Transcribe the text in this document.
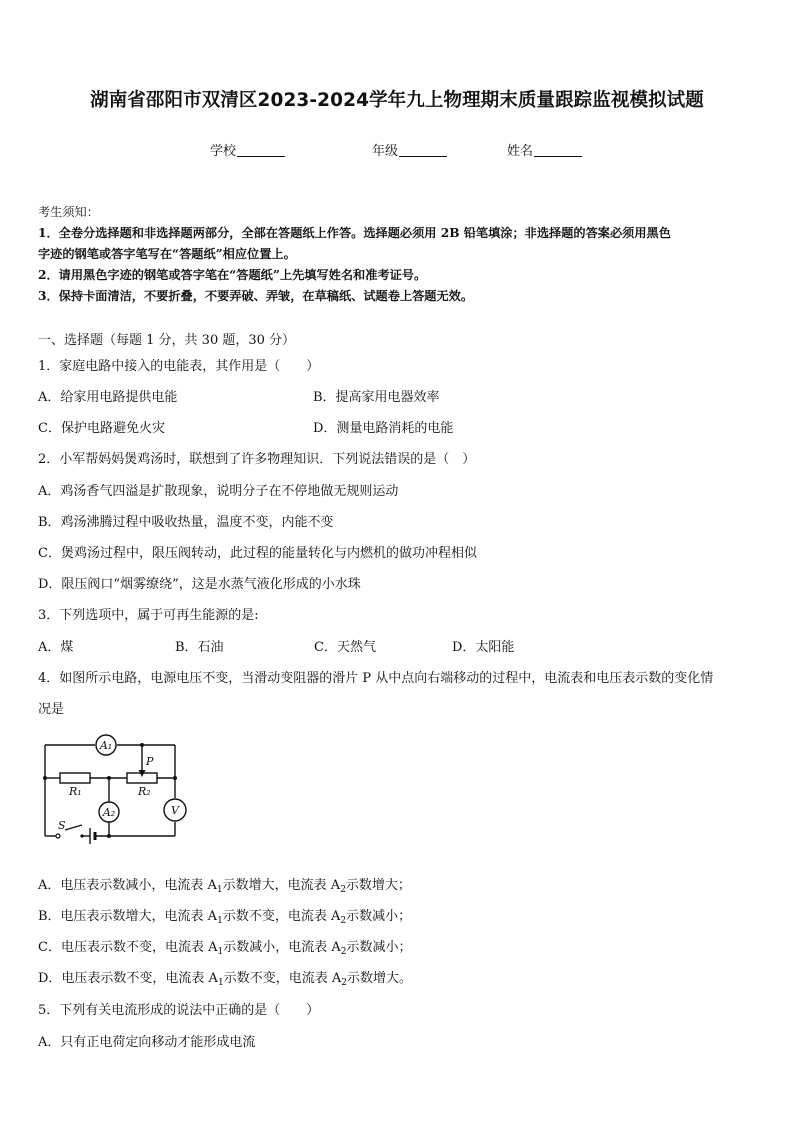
湖南省邵阳市双清区2023-2024学年九上物理期末质量跟踪监视模拟试题
学校	年级	姓名
考生须知：
1．全卷分选择题和非选择题两部分，全部在答题纸上作答。选择题必须用 2B 铅笔填涂；非选择题的答案必须用黑色
字迹的钢笔或答字笔写在“答题纸”相应位置上。
2．请用黑色字迹的钢笔或答字笔在“答题纸”上先填写姓名和准考证号。
3．保持卡面清洁，不要折叠，不要弄破、弄皱，在草稿纸、试题卷上答题无效。
一、选择题（每题 1 分，共 30 题，30 分）
1．家庭电路中接入的电能表，其作用是（　　）
A．给家用电路提供电能	B．提高家用电器效率
C．保护电路避免火灾	D．测量电路消耗的电能
2．小军帮妈妈煲鸡汤时，联想到了许多物理知识．下列说法错误的是（　）
A．鸡汤香气四溢是扩散现象，说明分子在不停地做无规则运动
B．鸡汤沸腾过程中吸收热量，温度不变，内能不变
C．煲鸡汤过程中，限压阀转动，此过程的能量转化与内燃机的做功冲程相似
D．限压阀口“烟雾缭绕”，这是水蒸气液化形成的小水珠
3．下列选项中，属于可再生能源的是:
A．煤	B．石油	C．天然气	D．太阳能
4．如图所示电路，电源电压不变，当滑动变阻器的滑片 P 从中点向右端移动的过程中，电流表和电压表示数的变化情
况是
A₁
A₂	V
R₁	R₂
P
S
A．电压表示数减小，电流表 $A_1$示数增大，电流表 $A_2$示数增大；
B．电压表示数增大，电流表 $A_1$示数不变，电流表 $A_2$示数减小；
C．电压表示数不变，电流表 $A_1$示数减小，电流表 $A_2$示数减小；
D．电压表示数不变，电流表 $A_1$示数不变，电流表 $A_2$示数增大。
5．下列有关电流形成的说法中正确的是（　　）
A．只有正电荷定向移动才能形成电流
